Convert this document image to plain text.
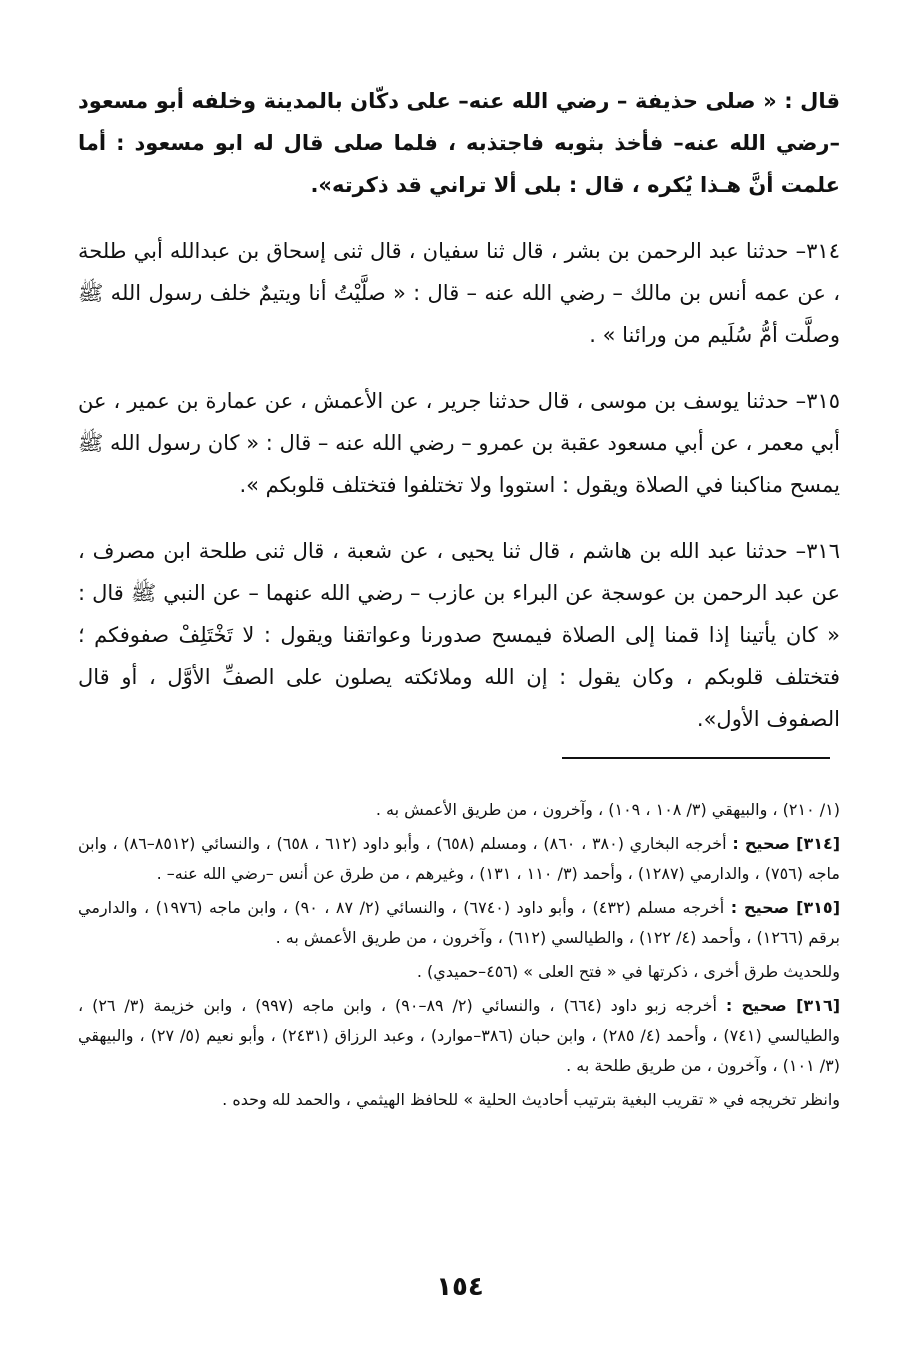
قال : « صلى حذيفة – رضي الله عنه– على دكّان بالمدينة وخلفه أبو مسعود –رضي الله عنه– فأخذ بثوبه فاجتذبه ، فلما صلى قال له ابو مسعود : أما علمت أنَّ هـذا يُكره ، قال : بلى ألا تراني قد ذكرته».

٣١٤– حدثنا عبد الرحمن بن بشر ، قال ثنا سفيان ، قال ثنى إسحاق بن عبدالله أبي طلحة ، عن عمه أنس بن مالك – رضي الله عنه – قال : « صلَّيْتُ أنا ويتيمٌ خلف رسول الله ﷺ وصلَّت أمُّ سُلَيم من ورائنا » .

٣١٥– حدثنا يوسف بن موسى ، قال حدثنا جرير ، عن الأعمش ، عن عمارة بن عمير ، عن أبي معمر ، عن أبي مسعود عقبة بن عمرو – رضي الله عنه – قال : « كان رسول الله ﷺ يمسح مناكبنا في الصلاة ويقول : استووا ولا تختلفوا فتختلف قلوبكم ».

٣١٦– حدثنا عبد الله بن هاشم ، قال ثنا يحيى ، عن شعبة ، قال ثنى طلحة ابن مصرف ، عن عبد الرحمن بن عوسجة عن البراء بن عازب – رضي الله عنهما – عن النبي ﷺ قال : « كان يأتينا إذا قمنا إلى الصلاة فيمسح صدورنا وعواتقنا ويقول : لا تَخْتَلِفْ صفوفكم ؛ فتختلف قلوبكم ، وكان يقول : إن الله وملائكته يصلون على الصفِّ الأوَّل ، أو قال الصفوف الأول».

(١/ ٢١٠) ، والبيهقي (٣/ ١٠٨ ، ١٠٩) ، وآخرون ، من طريق الأعمش به .

[٣١٤] صحيح : أخرجه البخاري (٣٨٠ ، ٨٦٠) ، ومسلم (٦٥٨) ، وأبو داود (٦١٢ ، ٦٥٨) ، والنسائي (٨٥١٢–٨٦) ، وابن ماجه (٧٥٦) ، والدارمي (١٢٨٧) ، وأحمد (٣/ ١١٠ ، ١٣١) ، وغيرهم ، من طرق عن أنس –رضي الله عنه– .

[٣١٥] صحيح : أخرجه مسلم (٤٣٢) ، وأبو داود (٦٧٤٠) ، والنسائي (٢/ ٨٧ ، ٩٠) ، وابن ماجه (١٩٧٦) ، والدارمي برقم (١٢٦٦) ، وأحمد (٤/ ١٢٢) ، والطيالسي (٦١٢) ، وآخرون ، من طريق الأعمش به .

وللحديث طرق أخرى ، ذكرتها في « فتح العلى » (٤٥٦–حميدي) .

[٣١٦] صحيح : أخرجه زبو داود (٦٦٤) ، والنسائي (٢/ ٨٩–٩٠) ، وابن ماجه (٩٩٧) ، وابن خزيمة (٣/ ٢٦) ، والطيالسي (٧٤١) ، وأحمد (٤/ ٢٨٥) ، وابن حبان (٣٨٦–موارد) ، وعبد الرزاق (٢٤٣١) ، وأبو نعيم (٥/ ٢٧) ، والبيهقي (٣/ ١٠١) ، وآخرون ، من طريق طلحة به .

وانظر تخريجه في « تقريب البغية بترتيب أحاديث الحلية » للحافظ الهيثمي ، والحمد لله وحده .

١٥٤
